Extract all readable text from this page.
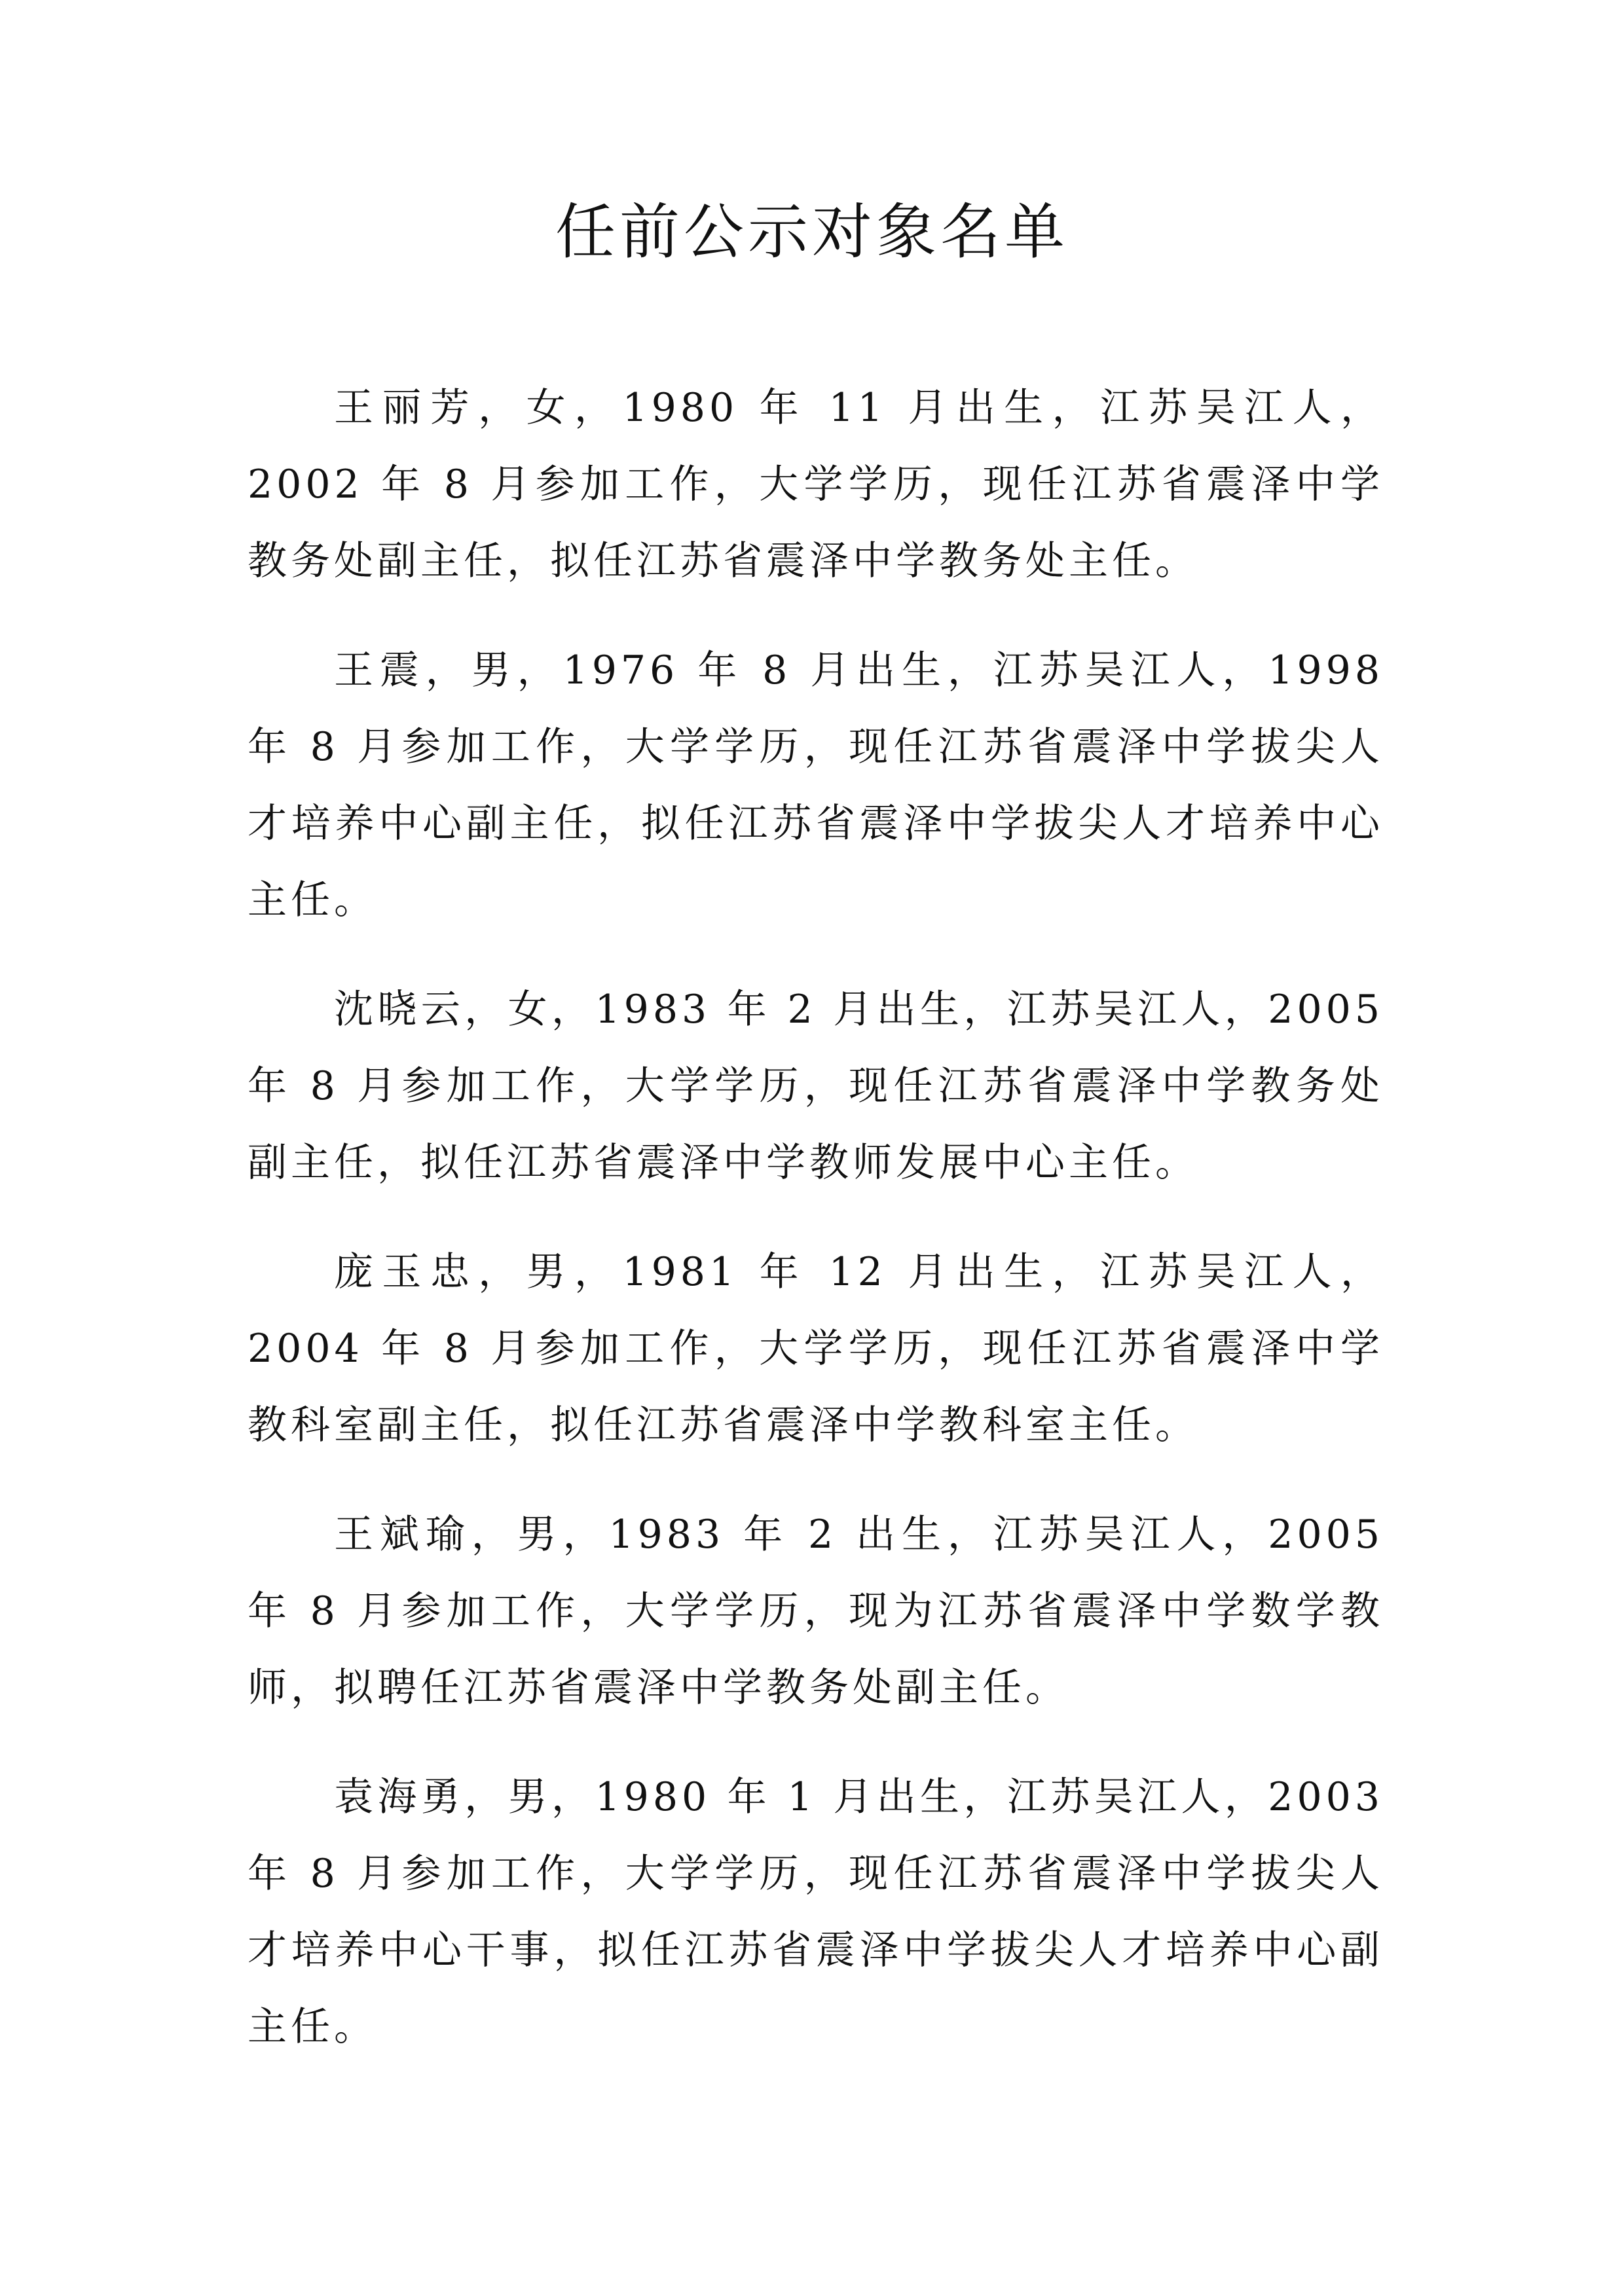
任前公示对象名单

王丽芳，女，1980 年 11 月出生，江苏吴江人，2002 年 8 月参加工作，大学学历，现任江苏省震泽中学教务处副主任，拟任江苏省震泽中学教务处主任。

王震，男，1976 年 8 月出生，江苏吴江人，1998 年 8 月参加工作，大学学历，现任江苏省震泽中学拔尖人才培养中心副主任，拟任江苏省震泽中学拔尖人才培养中心主任。

沈晓云，女，1983 年 2 月出生，江苏吴江人，2005 年 8 月参加工作，大学学历，现任江苏省震泽中学教务处副主任，拟任江苏省震泽中学教师发展中心主任。

庞玉忠，男，1981 年 12 月出生，江苏吴江人，2004 年 8 月参加工作，大学学历，现任江苏省震泽中学教科室副主任，拟任江苏省震泽中学教科室主任。

王斌瑜，男，1983 年 2 出生，江苏吴江人，2005 年 8 月参加工作，大学学历，现为江苏省震泽中学数学教师，拟聘任江苏省震泽中学教务处副主任。

袁海勇，男，1980 年 1 月出生，江苏吴江人，2003 年 8 月参加工作，大学学历，现任江苏省震泽中学拔尖人才培养中心干事，拟任江苏省震泽中学拔尖人才培养中心副主任。
